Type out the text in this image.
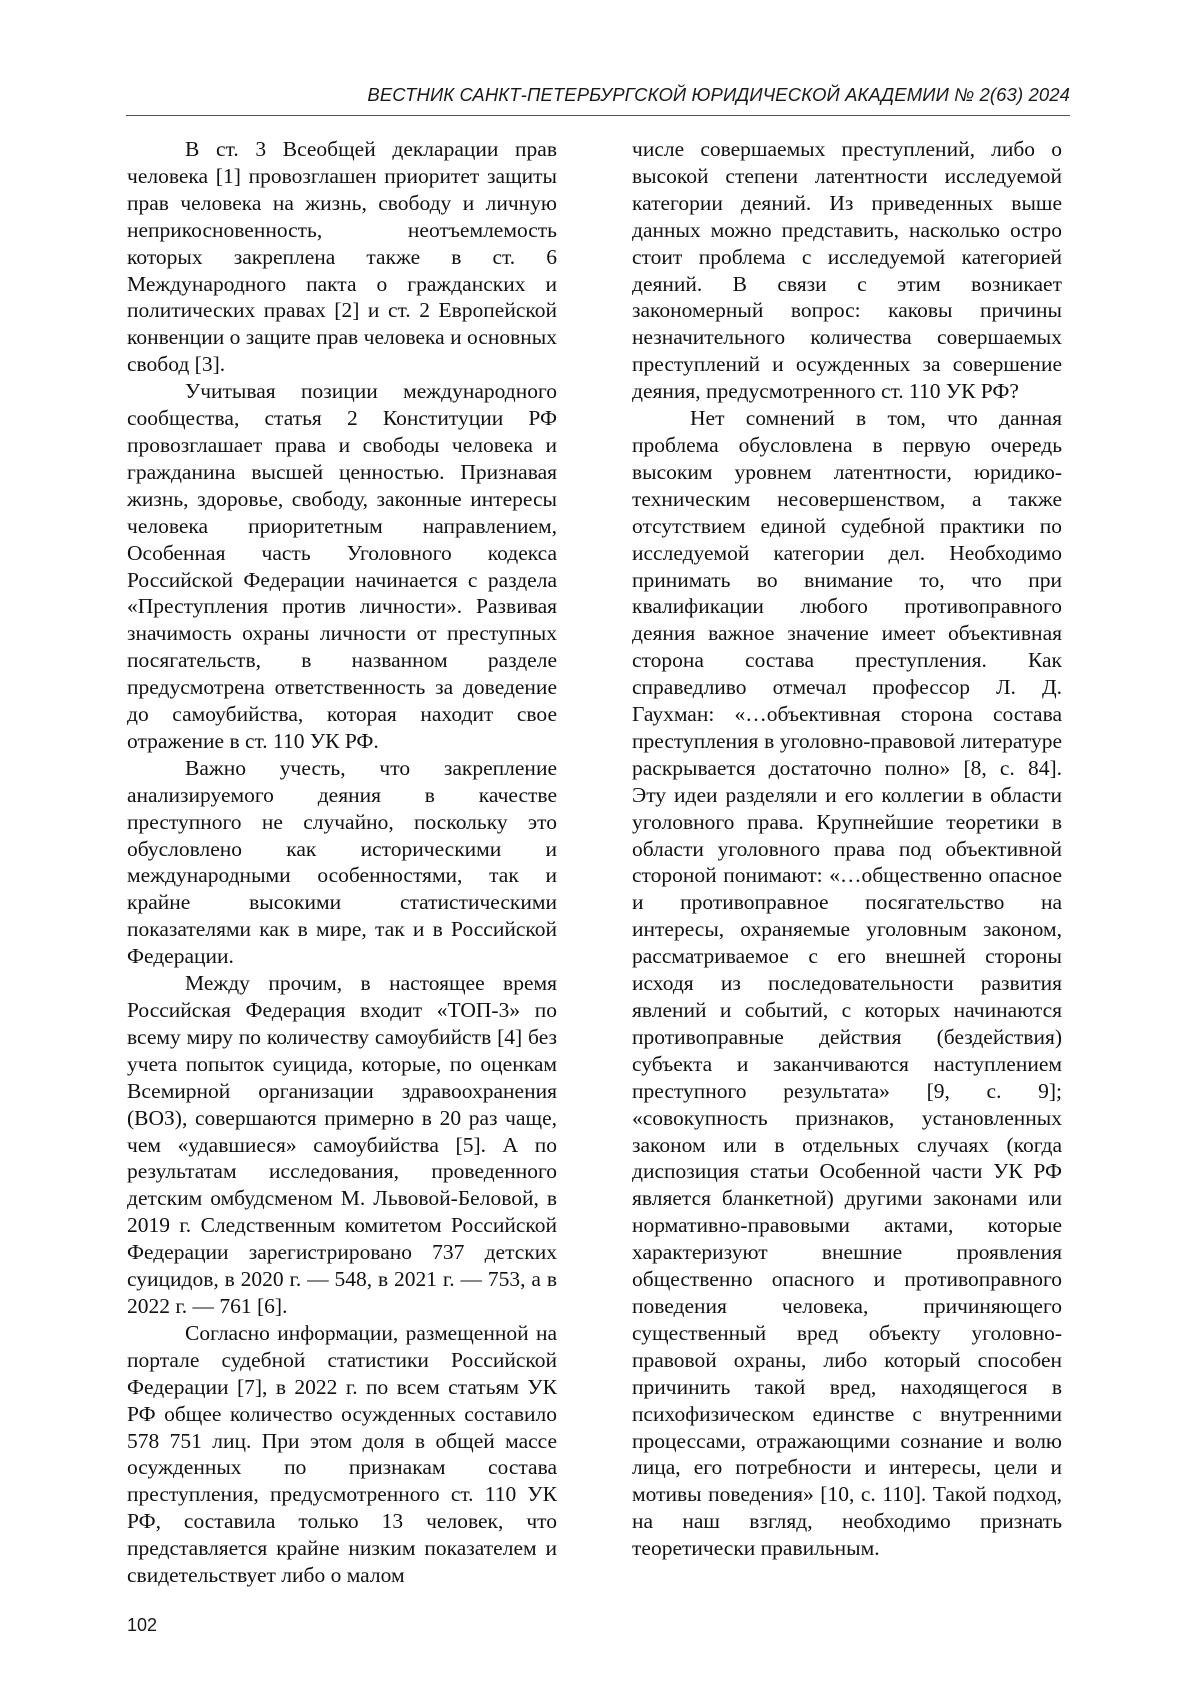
ВЕСТНИК САНКТ-ПЕТЕРБУРГСКОЙ ЮРИДИЧЕСКОЙ АКАДЕМИИ № 2(63) 2024

В ст. 3 Всеобщей декларации прав человека [1] провозглашен приоритет защиты прав человека на жизнь, свободу и личную неприкосновенность, неотъемлемость которых закреплена также в ст. 6 Международного пакта о гражданских и политических правах [2] и ст. 2 Европейской конвенции о защите прав человека и основных свобод [3].

Учитывая позиции международного сообщества, статья 2 Конституции РФ провозглашает права и свободы человека и гражданина высшей ценностью. Признавая жизнь, здоровье, свободу, законные интересы человека приоритетным направлением, Особенная часть Уголовного кодекса Российской Федерации начинается с раздела «Преступления против личности». Развивая значимость охраны личности от преступных посягательств, в названном разделе предусмотрена ответственность за доведение до самоубийства, которая находит свое отражение в ст. 110 УК РФ.

Важно учесть, что закрепление анализируемого деяния в качестве преступного не случайно, поскольку это обусловлено как историческими и международными особенностями, так и крайне высокими статистическими показателями как в мире, так и в Российской Федерации.

Между прочим, в настоящее время Российская Федерация входит «ТОП-3» по всему миру по количеству самоубийств [4] без учета попыток суицида, которые, по оценкам Всемирной организации здравоохранения (ВОЗ), совершаются примерно в 20 раз чаще, чем «удавшиеся» самоубийства [5]. А по результатам исследования, проведенного детским омбудсменом М. Львовой-Беловой, в 2019 г. Следственным комитетом Российской Федерации зарегистрировано 737 детских суицидов, в 2020 г. — 548, в 2021 г. — 753, а в 2022 г. — 761 [6].

Согласно информации, размещенной на портале судебной статистики Российской Федерации [7], в 2022 г. по всем статьям УК РФ общее количество осужденных составило 578 751 лиц. При этом доля в общей массе осужденных по признакам состава преступления, предусмотренного ст. 110 УК РФ, составила только 13 человек, что представляется крайне низким показателем и свидетельствует либо о малом

числе совершаемых преступлений, либо о высокой степени латентности исследуемой категории деяний. Из приведенных выше данных можно представить, насколько остро стоит проблема с исследуемой категорией деяний. В связи с этим возникает закономерный вопрос: каковы причины незначительного количества совершаемых преступлений и осужденных за совершение деяния, предусмотренного ст. 110 УК РФ?

Нет сомнений в том, что данная проблема обусловлена в первую очередь высоким уровнем латентности, юридико-техническим несовершенством, а также отсутствием единой судебной практики по исследуемой категории дел. Необходимо принимать во внимание то, что при квалификации любого противоправного деяния важное значение имеет объективная сторона состава преступления. Как справедливо отмечал профессор Л. Д. Гаухман: «…объективная сторона состава преступления в уголовно-правовой литературе раскрывается достаточно полно» [8, с. 84]. Эту идеи разделяли и его коллегии в области уголовного права. Крупнейшие теоретики в области уголовного права под объективной стороной понимают: «…общественно опасное и противоправное посягательство на интересы, охраняемые уголовным законом, рассматриваемое с его внешней стороны исходя из последовательности развития явлений и событий, с которых начинаются противоправные действия (бездействия) субъекта и заканчиваются наступлением преступного результата» [9, с. 9]; «совокупность признаков, установленных законом или в отдельных случаях (когда диспозиция статьи Особенной части УК РФ является бланкетной) другими законами или нормативно-правовыми актами, которые характеризуют внешние проявления общественно опасного и противоправного поведения человека, причиняющего существенный вред объекту уголовно-правовой охраны, либо который способен причинить такой вред, находящегося в психофизическом единстве с внутренними процессами, отражающими сознание и волю лица, его потребности и интересы, цели и мотивы поведения» [10, с. 110]. Такой подход, на наш взгляд, необходимо признать теоретически правильным.

102
